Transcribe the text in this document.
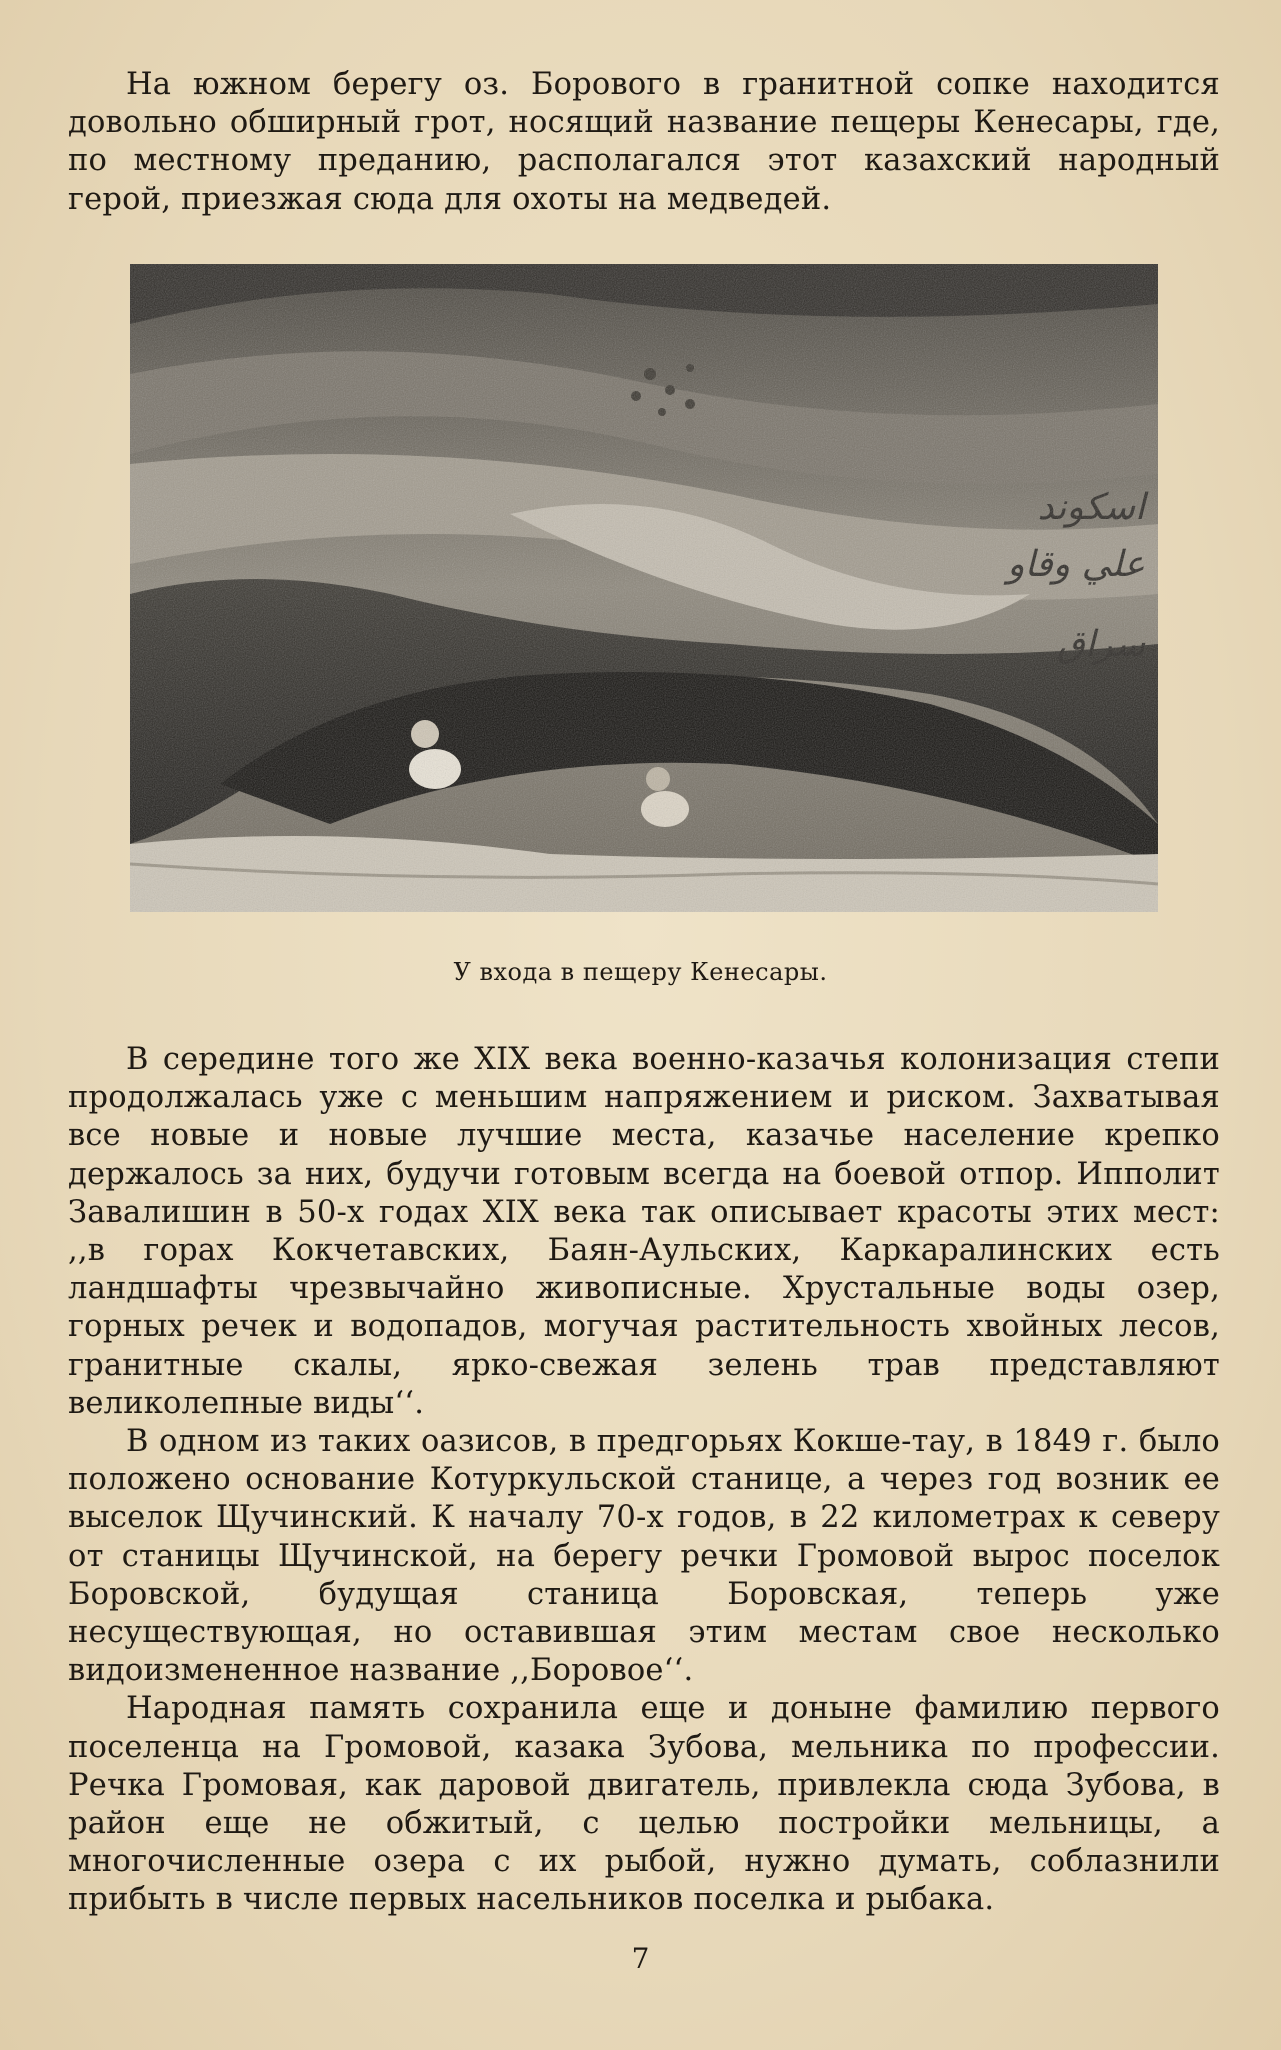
На южном берегу оз. Борового в гранитной сопке находится довольно обширный грот, носящий название пещеры Кенесары, где, по местному преданию, располагался этот казахский народный герой, приезжая сюда для охоты на медведей.

У входа в пещеру Кенесары.

В середине того же XIX века военно-казачья колонизация степи продолжалась уже с меньшим напряжением и риском. Захватывая все новые и новые лучшие места, казачье население крепко держалось за них, будучи готовым всегда на боевой отпор. Ипполит Завалишин в 50-х годах XIX века так описывает красоты этих мест: ,,в горах Кокчетавских, Баян-Аульских, Каркаралинских есть ландшафты чрезвычайно живописные. Хрустальные воды озер, горных речек и водопадов, могучая растительность хвойных лесов, гранитные скалы, ярко-свежая зелень трав представляют великолепные виды‘‘.

В одном из таких оазисов, в предгорьях Кокше-тау, в 1849 г. было положено основание Котуркульской станице, а через год возник ее выселок Щучинский. К началу 70-х годов, в 22 километрах к северу от станицы Щучинской, на берегу речки Громовой вырос поселок Боровской, будущая станица Боровская, теперь уже несуществующая, но оставившая этим местам свое несколько видоизмененное название ,,Боровое‘‘.

Народная память сохранила еще и доныне фамилию первого поселенца на Громовой, казака Зубова, мельника по профессии. Речка Громовая, как даровой двигатель, привлекла сюда Зубова, в район еще не обжитый, с целью постройки мельницы, а многочисленные озера с их рыбой, нужно думать, соблазнили прибыть в числе первых насельников поселка и рыбака.

7
